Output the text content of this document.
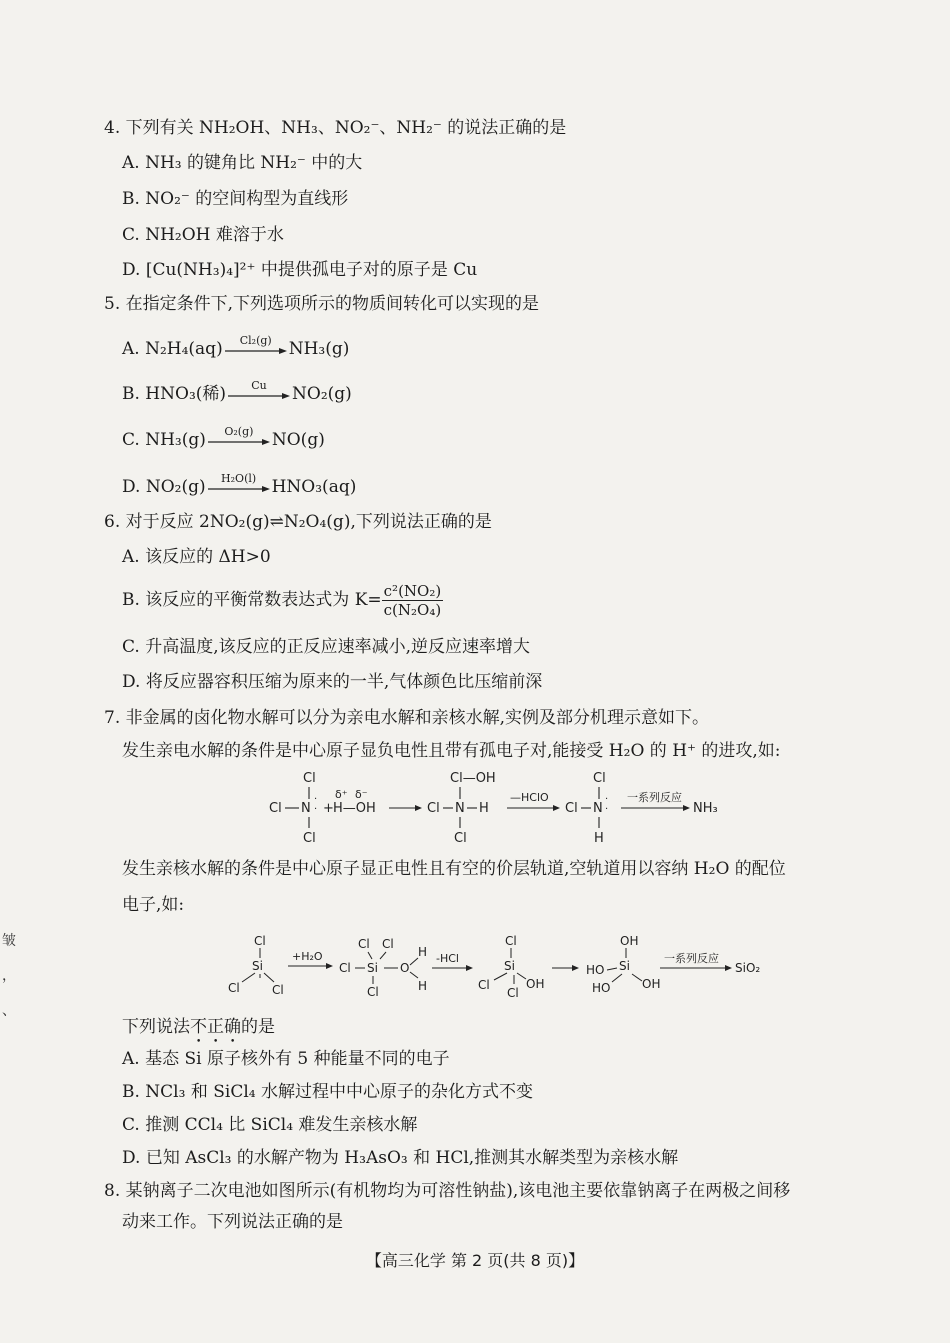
4. 下列有关 NH₂OH、NH₃、NO₂⁻、NH₂⁻ 的说法正确的是
A. NH₃ 的键角比 NH₂⁻ 中的大
B. NO₂⁻ 的空间构型为直线形
C. NH₂OH 难溶于水
D. [Cu(NH₃)₄]²⁺ 中提供孤电子对的原子是 Cu
5. 在指定条件下,下列选项所示的物质间转化可以实现的是
A. N₂H₄(aq)	Cl₂(g)	NH₃(g)
B. HNO₃(稀)	Cu	NO₂(g)
C. NH₃(g)	O₂(g)	NO(g)
D. NO₂(g)	H₂O(l) HNO₃(aq)
6. 对于反应 2NO₂(g)⇌N₂O₄(g),下列说法正确的是
A. 该反应的 ΔH>0
B. 该反应的平衡常数表达式为 $K= \frac{\text{c²(NO₂)}}{\text{c(N₂O₄)}}$
C. 升高温度,该反应的正反应速率减小,逆反应速率增大
D. 将反应器容积压缩为原来的一半,气体颜色比压缩前深
7. 非金属的卤化物水解可以分为亲电水解和亲核水解,实例及部分机理示意如下。
发生亲电水解的条件是中心原子显负电性且带有孤电子对,能接受 H₂O 的 H⁺ 的进攻,如:
Cl
Cl N
·
·
Cl
δ⁺ δ⁻
+ H—OH	Cl N H
Cl—OH
Cl
—HClO
Cl N
·
·
Cl
H
一系列反应
NH₃
发生亲核水解的条件是中心原子显正电性且有空的价层轨道,空轨道用以容纳 H₂O 的配位
电子,如:
Cl
Si
Cl	Cl
+H₂O
Cl Cl
Cl Si O
H
H
Cl
-HCl
Cl
Si
Cl
Cl
OH
OH
Si
HO
HO	OH
一系列反应
SiO₂
下列说法不正确的是
A. 基态 Si 原子核外有 5 种能量不同的电子
B. NCl₃ 和 SiCl₄ 水解过程中中心原子的杂化方式不变
C. 推测 CCl₄ 比 SiCl₄ 难发生亲核水解
D. 已知 AsCl₃ 的水解产物为 H₃AsO₃ 和 HCl,推测其水解类型为亲核水解
8. 某钠离子二次电池如图所示(有机物均为可溶性钠盐),该电池主要依靠钠离子在两极之间移
动来工作。下列说法正确的是
【高三化学 第 2 页(共 8 页)】
皱
，
、
